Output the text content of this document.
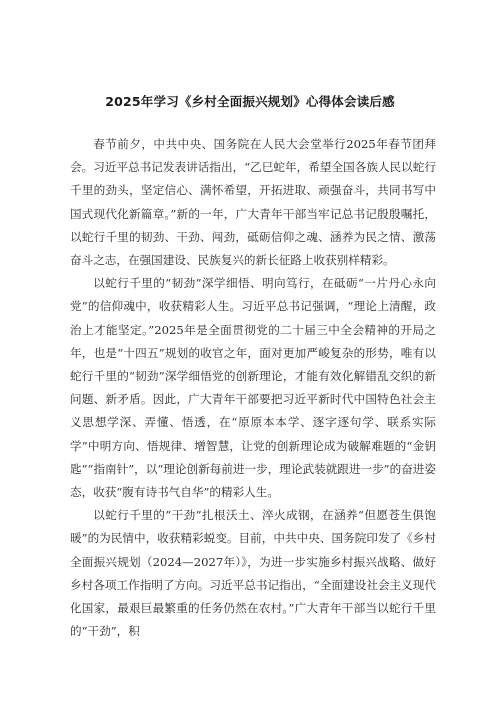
2025年学习《乡村全面振兴规划》心得体会读后感

春节前夕，中共中央、国务院在人民大会堂举行2025年春节团拜会。习近平总书记发表讲话指出，“乙巳蛇年，希望全国各族人民以蛇行千里的劲头，坚定信心、满怀希望，开拓进取、顽强奋斗，共同书写中国式现代化新篇章。”新的一年，广大青年干部当牢记总书记殷殷嘱托，以蛇行千里的韧劲、干劲、闯劲，砥砺信仰之魂、涵养为民之情、激荡奋斗之志，在强国建设、民族复兴的新长征路上收获别样精彩。

以蛇行千里的“韧劲”深学细悟、明向笃行，在砥砺“一片丹心永向党”的信仰魂中，收获精彩人生。习近平总书记强调，“理论上清醒，政治上才能坚定。”2025年是全面贯彻党的二十届三中全会精神的开局之年，也是“十四五”规划的收官之年，面对更加严峻复杂的形势，唯有以蛇行千里的“韧劲”深学细悟党的创新理论，才能有效化解错乱交织的新问题、新矛盾。因此，广大青年干部要把习近平新时代中国特色社会主义思想学深、弄懂、悟透，在“原原本本学、逐字逐句学、联系实际学”中明方向、悟规律、增智慧，让党的创新理论成为破解难题的“金钥匙”“指南针”，以“理论创新每前进一步，理论武装就跟进一步”的奋进姿态，收获“腹有诗书气自华”的精彩人生。

以蛇行千里的“干劲”扎根沃土、淬火成钢，在涵养“但愿苍生俱饱暖”的为民情中，收获精彩蜕变。目前，中共中央、国务院印发了《乡村全面振兴规划（2024—2027年）》，为进一步实施乡村振兴战略、做好乡村各项工作指明了方向。习近平总书记指出，“全面建设社会主义现代化国家，最艰巨最繁重的任务仍然在农村。”广大青年干部当以蛇行千里的“干劲”，积
